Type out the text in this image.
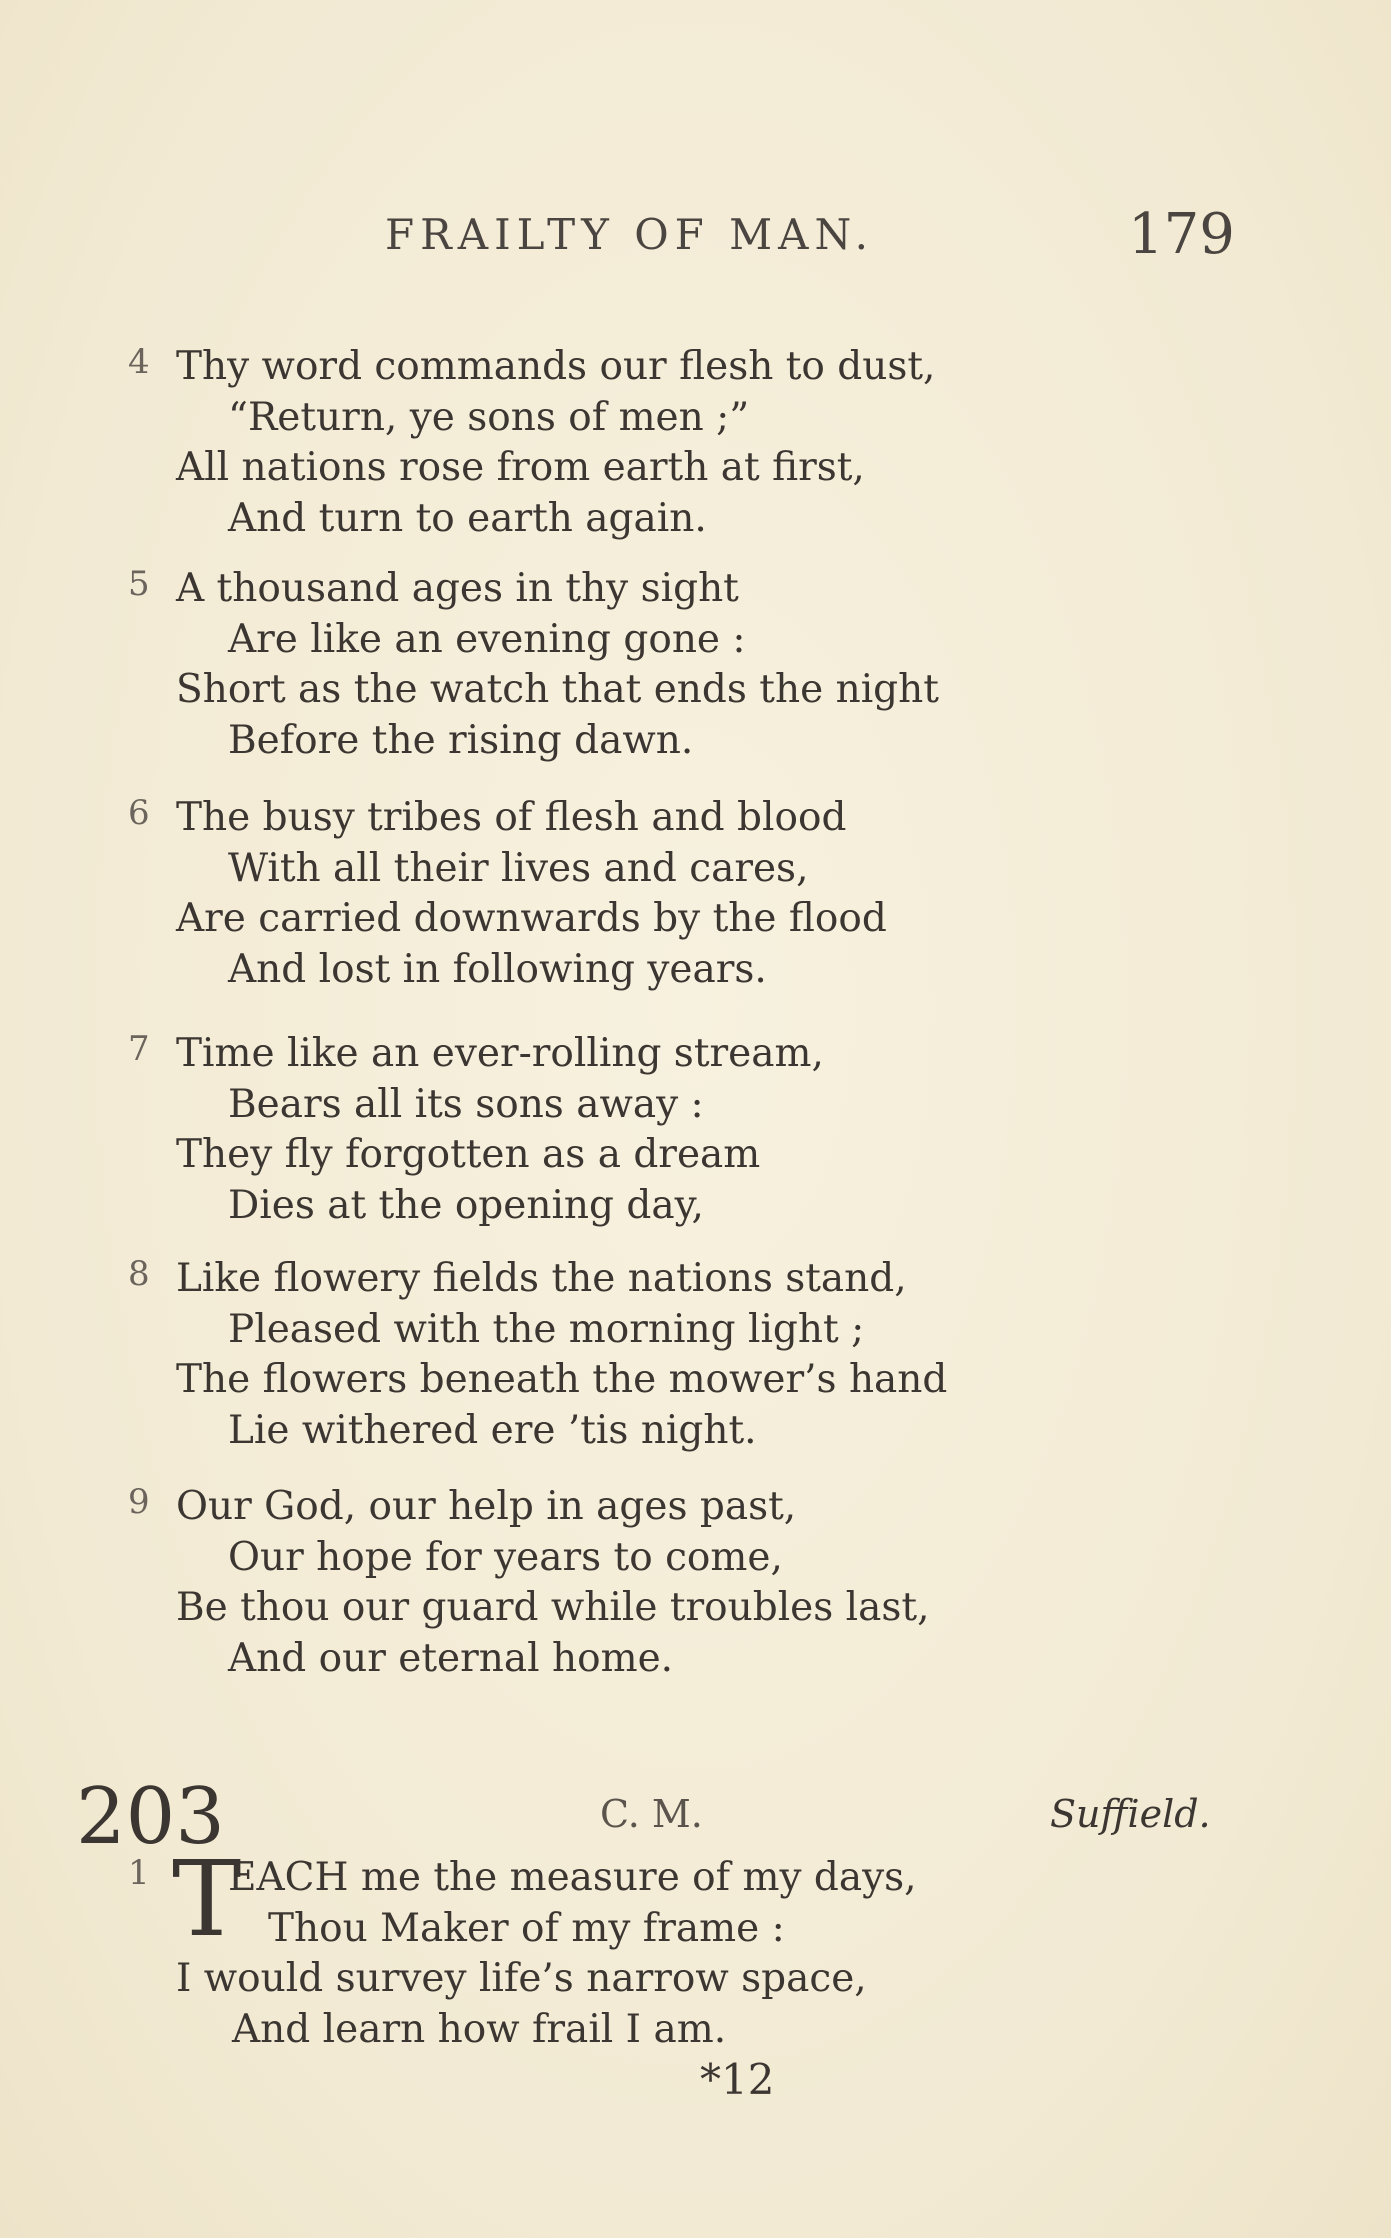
FRAILTY OF MAN.	179
4 Thy word commands our flesh to dust,
“Return, ye sons of men ;”
All nations rose from earth at first,
And turn to earth again.
5 A thousand ages in thy sight
Are like an evening gone :
Short as the watch that ends the night
Before the rising dawn.
6 The busy tribes of flesh and blood
With all their lives and cares,
Are carried downwards by the flood
And lost in following years.
7 Time like an ever-rolling stream,
Bears all its sons away :
They fly forgotten as a dream
Dies at the opening day,
8 Like flowery fields the nations stand,
Pleased with the morning light ;
The flowers beneath the mower’s hand
Lie withered ere ’tis night.
9 Our God, our help in ages past,
Our hope for years to come,
Be thou our guard while troubles last,
And our eternal home.
203	C. M.	Suffield.
1 T
EACH me the measure of my days,
Thou Maker of my frame :
I would survey life’s narrow space,
And learn how frail I am.
*12
